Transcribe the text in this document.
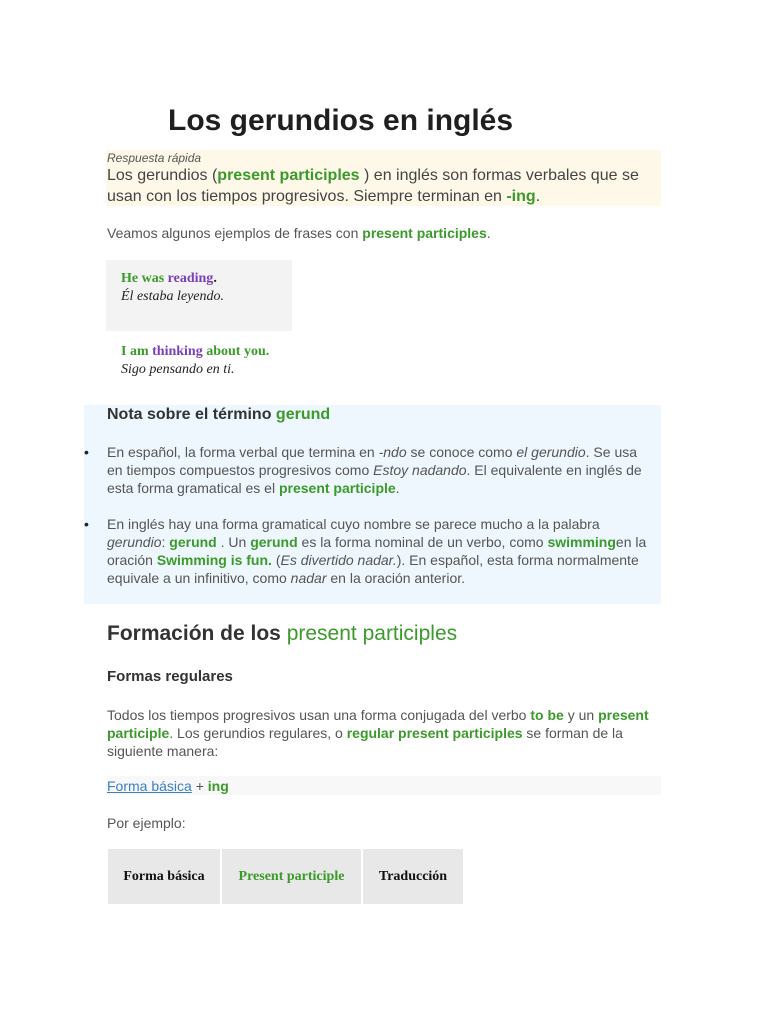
Los gerundios en inglés
Respuesta rápida
Los gerundios (present participles ) en inglés son formas verbales que se usan con los tiempos progresivos. Siempre terminan en -ing.
Veamos algunos ejemplos de frases con present participles.
He was reading.
Él estaba leyendo.
I am thinking about you.
Sigo pensando en ti.
Nota sobre el término gerund
• En español, la forma verbal que termina en -ndo se conoce como el gerundio. Se usa en tiempos compuestos progresivos como Estoy nadando. El equivalente en inglés de esta forma gramatical es el present participle.
• En inglés hay una forma gramatical cuyo nombre se parece mucho a la palabra gerundio: gerund . Un gerund es la forma nominal de un verbo, como swimmingen la oración Swimming is fun. (Es divertido nadar.). En español, esta forma normalmente equivale a un infinitivo, como nadar en la oración anterior.
Formación de los present participles
Formas regulares
Todos los tiempos progresivos usan una forma conjugada del verbo to be y un present participle. Los gerundios regulares, o regular present participles se forman de la siguiente manera:
Forma básica + ing
Por ejemplo:
Forma básica	Present participle	Traducción
